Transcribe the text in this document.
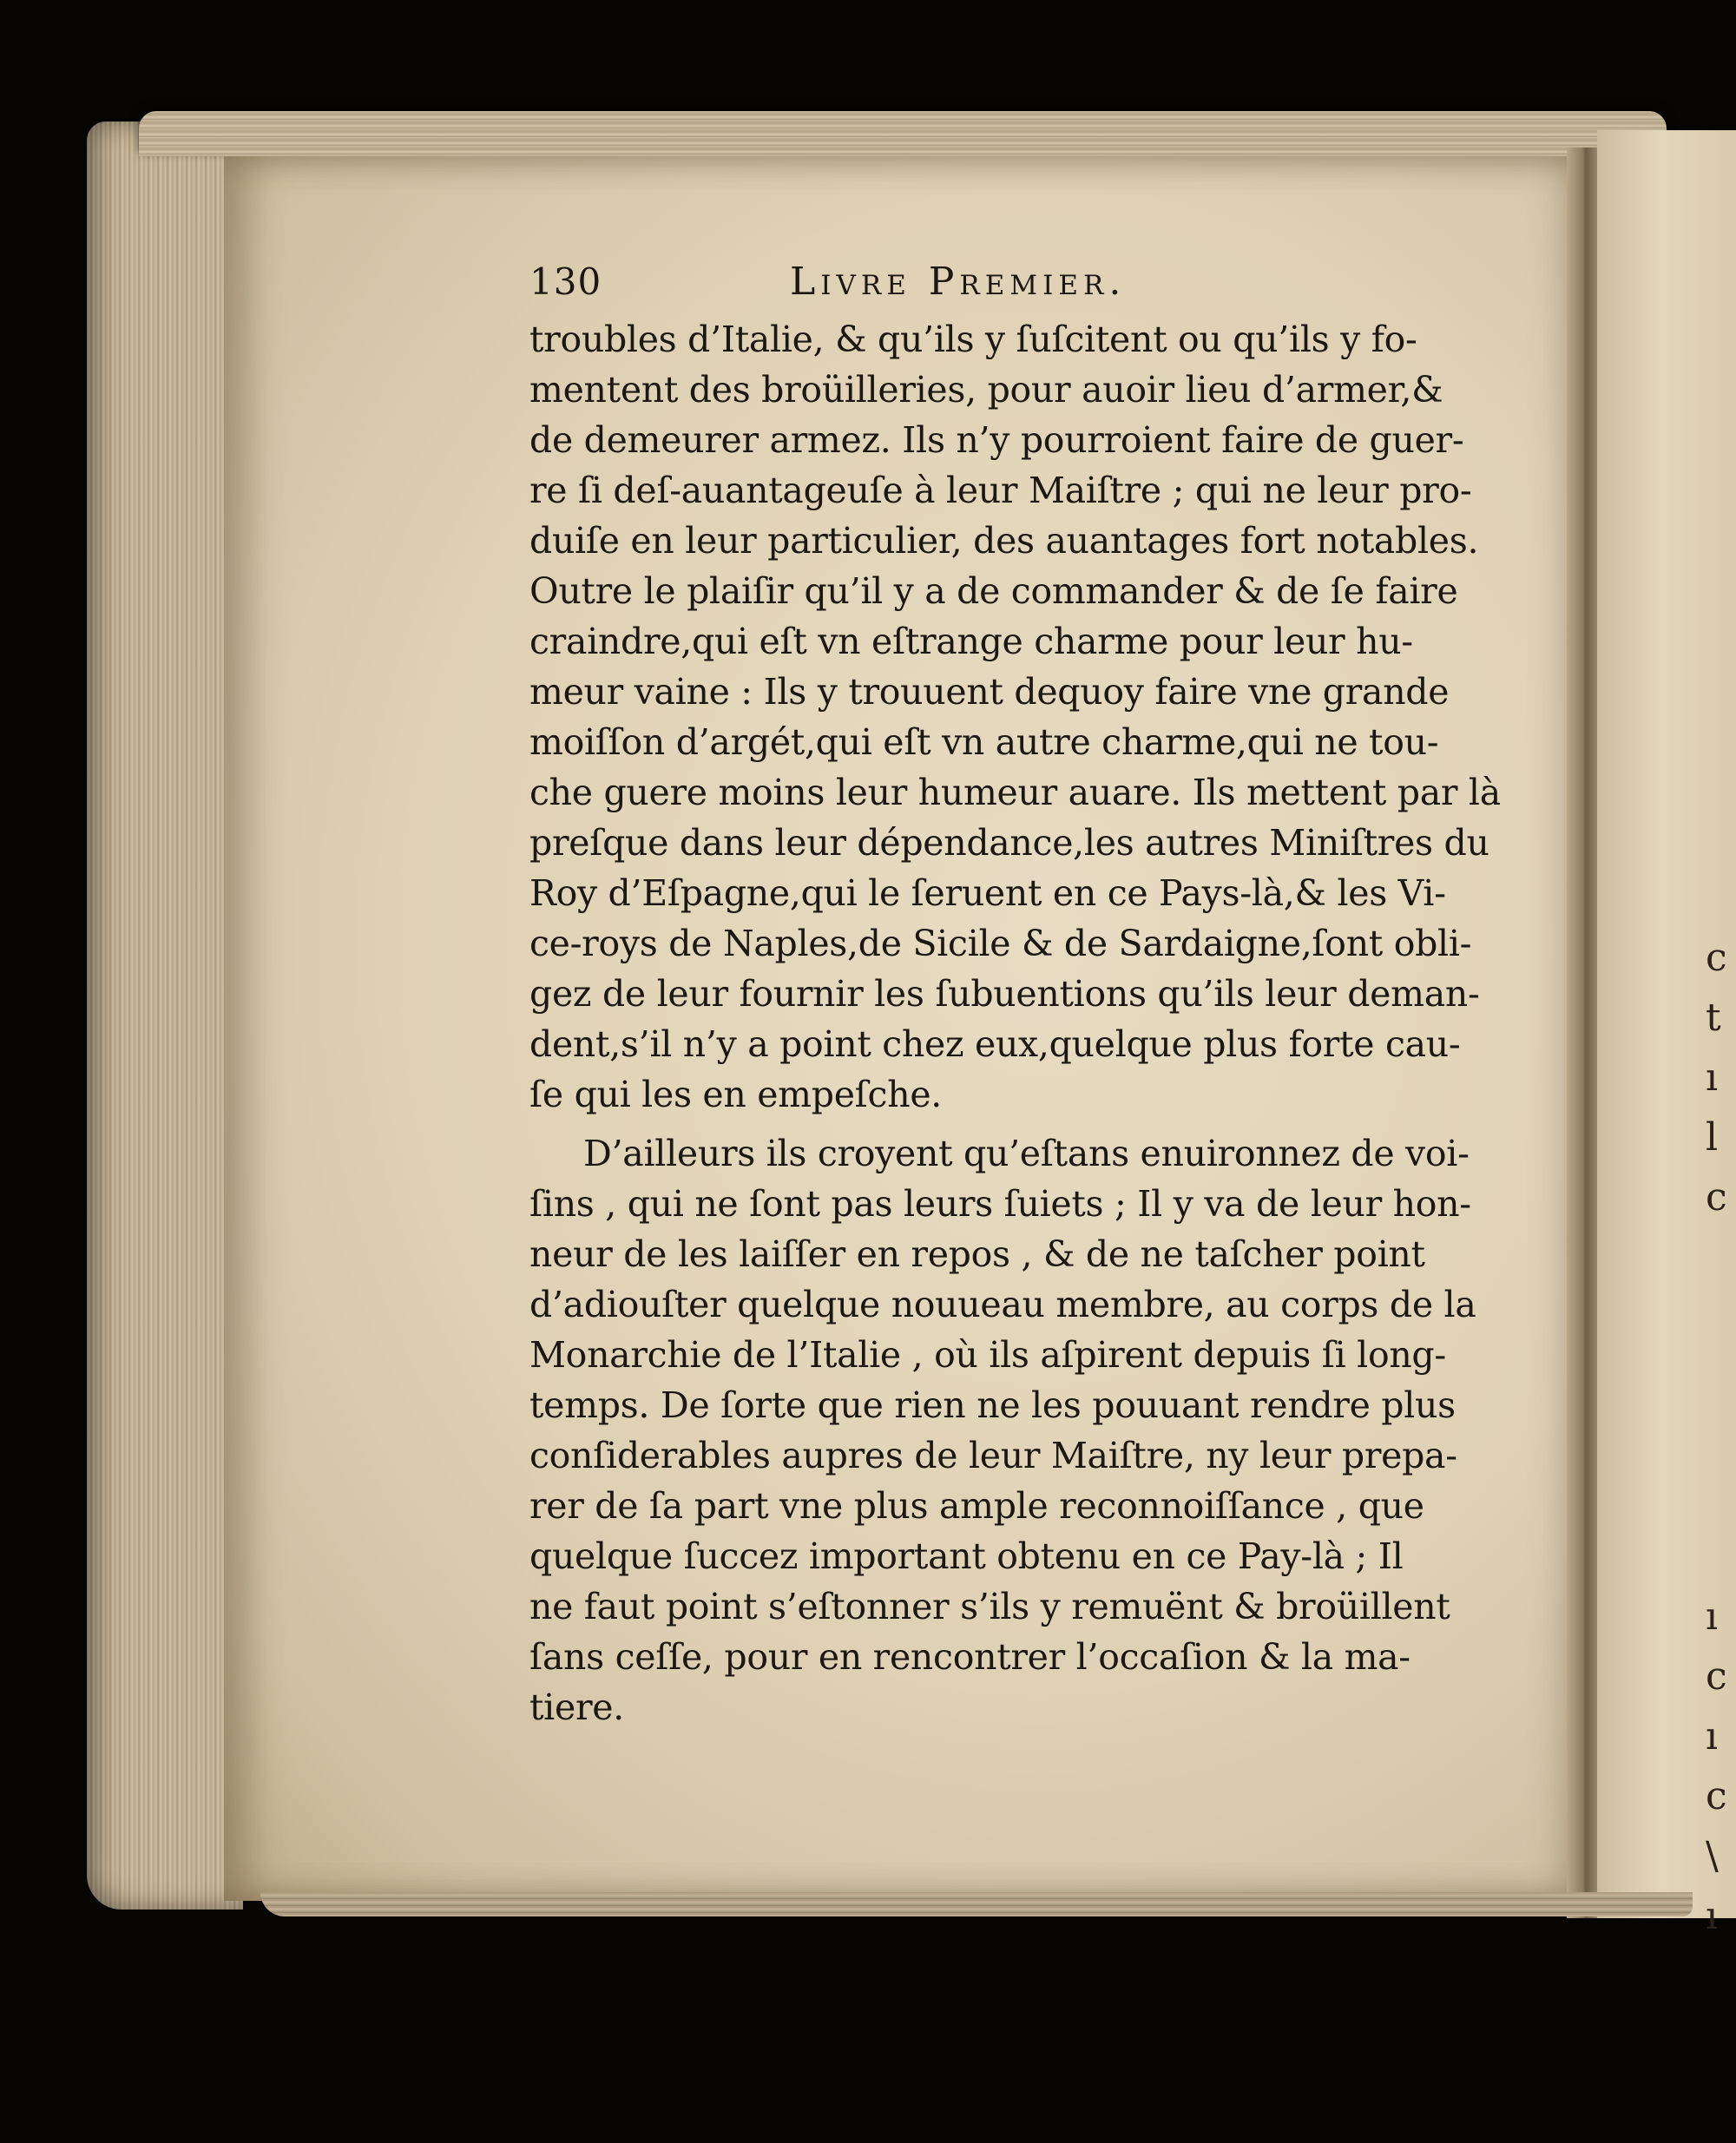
c
t
ı
l
c

ı
c
ı
c
\
ı
130	Livre Premier.
troubles d’Italie, & qu’ils y ſuſcitent ou qu’ils y fo-
mentent des broüilleries, pour auoir lieu d’armer,&
de demeurer armez. Ils n’y pourroient faire de guer-
re ſi deſ-auantageuſe à leur Maiſtre ; qui ne leur pro-
duiſe en leur particulier, des auantages fort notables.
Outre le plaiſir qu’il y a de commander & de ſe faire
craindre,qui eſt vn eſtrange charme pour leur hu-
meur vaine : Ils y trouuent dequoy faire vne grande
moiſſon d’argét,qui eſt vn autre charme,qui ne tou-
che guere moins leur humeur auare. Ils mettent par là
preſque dans leur dépendance,les autres Miniſtres du
Roy d’Eſpagne,qui le ſeruent en ce Pays-là,& les Vi-
ce-roys de Naples,de Sicile & de Sardaigne,ſont obli-
gez de leur fournir les ſubuentions qu’ils leur deman-
dent,s’il n’y a point chez eux,quelque plus forte cau-
ſe qui les en empeſche.
D’ailleurs ils croyent qu’eſtans enuironnez de voi-
ſins , qui ne ſont pas leurs ſuiets ; Il y va de leur hon-
neur de les laiſſer en repos , & de ne taſcher point
d’adiouſter quelque nouueau membre, au corps de la
Monarchie de l’Italie , où ils aſpirent depuis ſi long-
temps. De ſorte que rien ne les pouuant rendre plus
conſiderables aupres de leur Maiſtre, ny leur prepa-
rer de ſa part vne plus ample reconnoiſſance , que
quelque ſuccez important obtenu en ce Pay-là ; Il
ne faut point s’eſtonner s’ils y remuënt & broüillent
ſans ceſſe, pour en rencontrer l’occaſion & la ma-
tiere.
